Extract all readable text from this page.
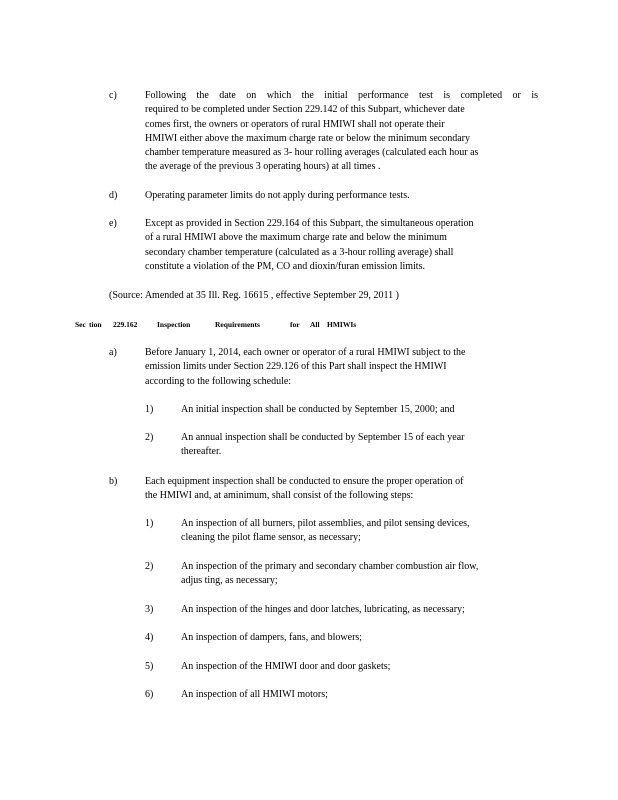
c)	Following the date on which the initial performance test is completed or is
required to be completed under Section 229.142 of this Subpart, whichever date
comes first, the owners or operators of rural HMIWI shall not operate their
HMIWI either above the maximum charge rate or below the minimum secondary
chamber temperature measured as 3- hour rolling averages (calculated each hour as
the average of the previous 3 operating hours) at all times .
d)	Operating parameter limits do not apply during performance tests.
e)	Except as provided in Section 229.164 of this Subpart, the simultaneous operation
of a rural HMIWI above the maximum charge rate and below the minimum
secondary chamber temperature (calculated as a 3-hour rolling average) shall
constitute a violation of the PM, CO and dioxin/furan emission limits.
(Source: Amended at 35 Ill. Reg. 16615 , effective September 29, 2011 )
Sec tion 229.162	Inspection	Requirements	for All HMIWIs
a)	Before January 1, 2014, each owner or operator of a rural HMIWI subject to the
emission limits under Section 229.126 of this Part shall inspect the HMIWI
according to the following schedule:
1)	An initial inspection shall be conducted by September 15, 2000; and
2)	An annual inspection shall be conducted by September 15 of each year
thereafter.
b)	Each equipment inspection shall be conducted to ensure the proper operation of
the HMIWI and, at aminimum, shall consist of the following steps:
1)	An inspection of all burners, pilot assemblies, and pilot sensing devices,
cleaning the pilot flame sensor, as necessary;
2)	An inspection of the primary and secondary chamber combustion air flow,
adjus ting, as necessary;
3)	An inspection of the hinges and door latches, lubricating, as necessary;
4)	An inspection of dampers, fans, and blowers;
5)	An inspection of the HMIWI door and door gaskets;
6)	An inspection of all HMIWI motors;
